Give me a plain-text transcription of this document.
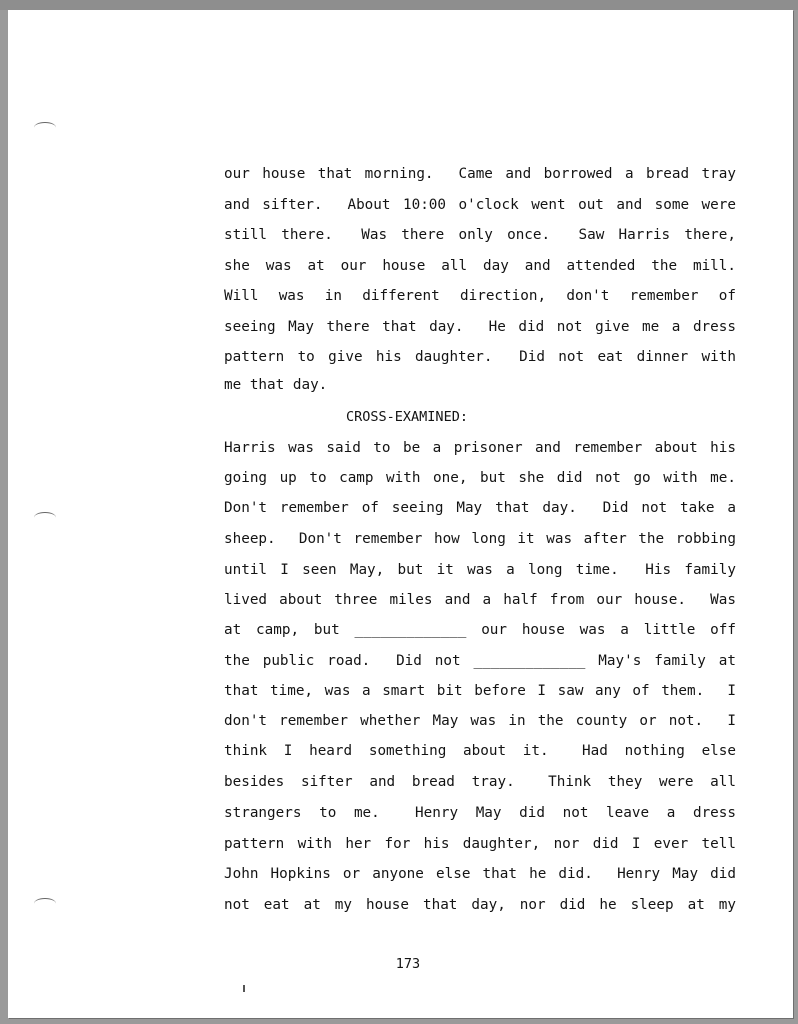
our house that morning.  Came and borrowed a bread tray
and sifter.  About 10:00 o'clock went out and some were
still there.  Was there only once.  Saw Harris there,
she was at our house all day and attended the mill.
Will was in different direction, don't remember of
seeing May there that day.  He did not give me a dress
pattern to give his daughter.  Did not eat dinner with
me that day.
CROSS-EXAMINED:
Harris was said to be a prisoner and remember about his
going up to camp with one, but she did not go with me.
Don't remember of seeing May that day.  Did not take a
sheep.  Don't remember how long it was after the robbing
until I seen May, but it was a long time.  His family
lived about three miles and a half from our house.  Was
at camp, but _____________ our house was a little off
the public road.  Did not _____________ May's family at
that time, was a smart bit before I saw any of them.  I
don't remember whether May was in the county or not.  I
think I heard something about it.  Had nothing else
besides sifter and bread tray.  Think they were all
strangers to me.  Henry May did not leave a dress
pattern with her for his daughter, nor did I ever tell
John Hopkins or anyone else that he did.  Henry May did
not eat at my house that day, nor did he sleep at my
173
